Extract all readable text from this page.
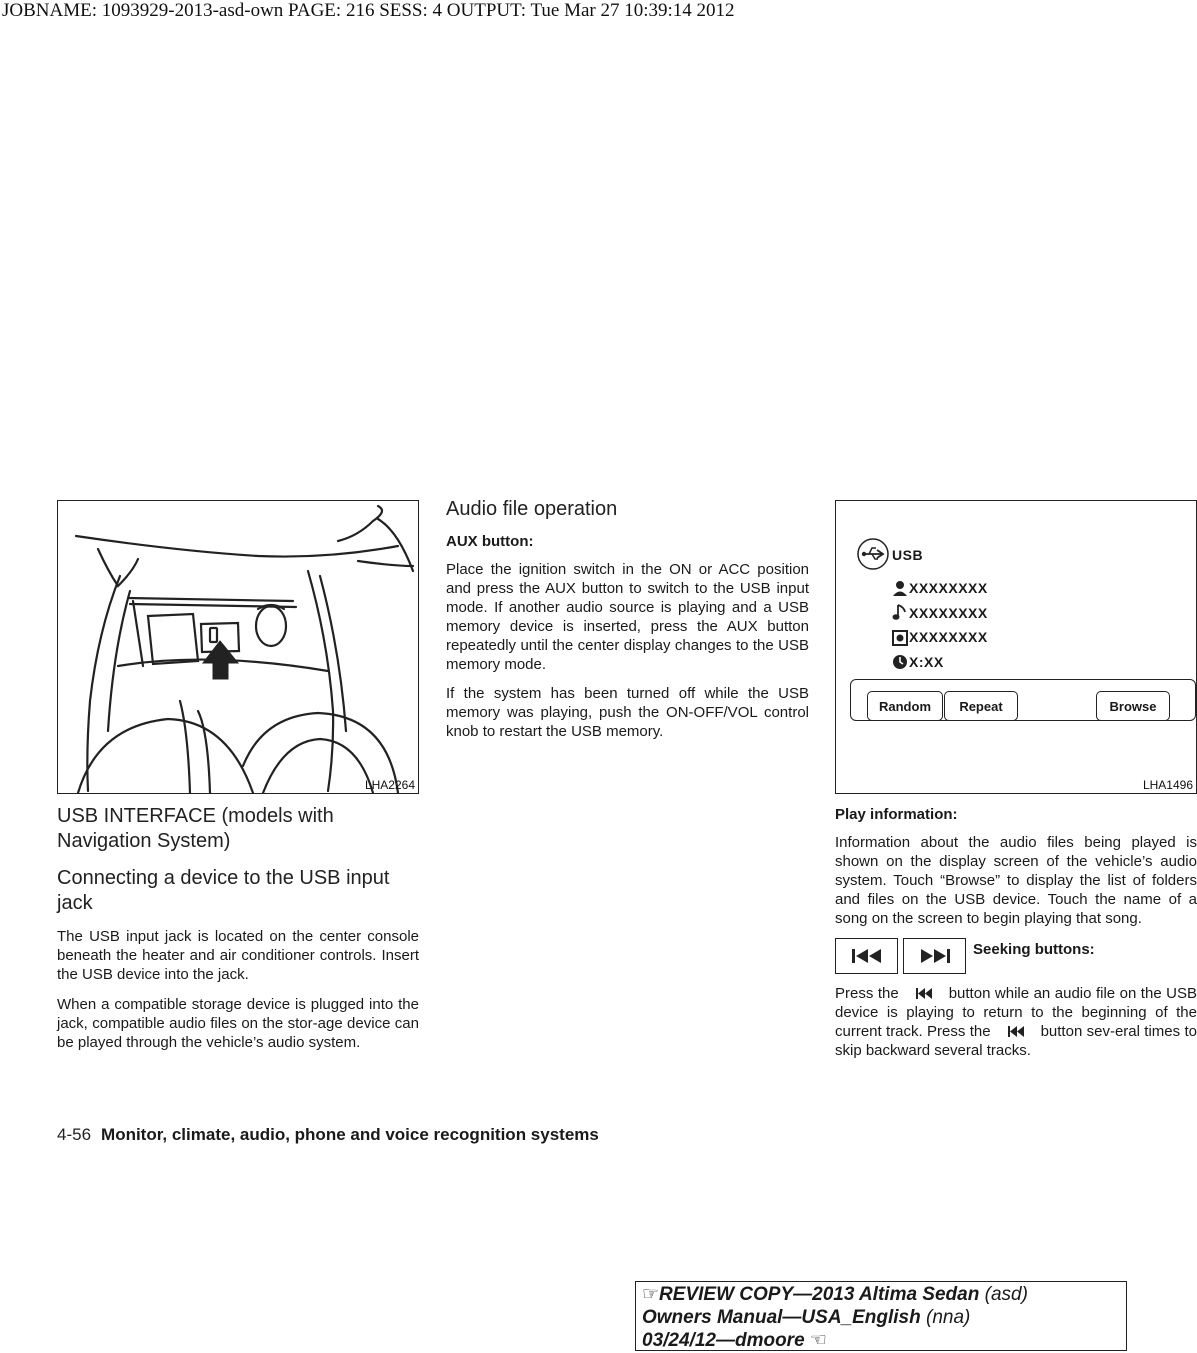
JOBNAME: 1093929-2013-asd-own PAGE: 216 SESS: 4 OUTPUT: Tue Mar 27 10:39:14 2012
LHA2264
USB INTERFACE (models with Navigation System)
Connecting a device to the USB input jack

The USB input jack is located on the center console beneath the heater and air conditioner controls. Insert the USB device into the jack.

When a compatible storage device is plugged into the jack, compatible audio files on the stor-age device can be played through the vehicle’s audio system.

Audio file operation
AUX button:

Place the ignition switch in the ON or ACC position and press the AUX button to switch to the USB input mode. If another audio source is playing and a USB memory device is inserted, press the AUX button repeatedly until the center display changes to the USB memory mode.

If the system has been turned off while the USB memory was playing, push the ON-OFF/VOL control knob to restart the USB memory.

USB
XXXXXXXX
XXXXXXXX
XXXXXXXX
X:XX
Random	Repeat	Browse
LHA1496
Play information:

Information about the audio files being played is shown on the display screen of the vehicle’s audio system. Touch “Browse” to display the list of folders and files on the USB device. Touch the name of a song on the screen to begin playing that song.

Seeking buttons:

Press the	button while an audio file on the USB device is playing to return to the beginning of the current track. Press the	button sev-eral times to skip backward several tracks.

4-56 Monitor, climate, audio, phone and voice recognition systems
☞REVIEW COPY—2013 Altima Sedan (asd)
Owners Manual—USA_English (nna)
03/24/12—dmoore ☜
